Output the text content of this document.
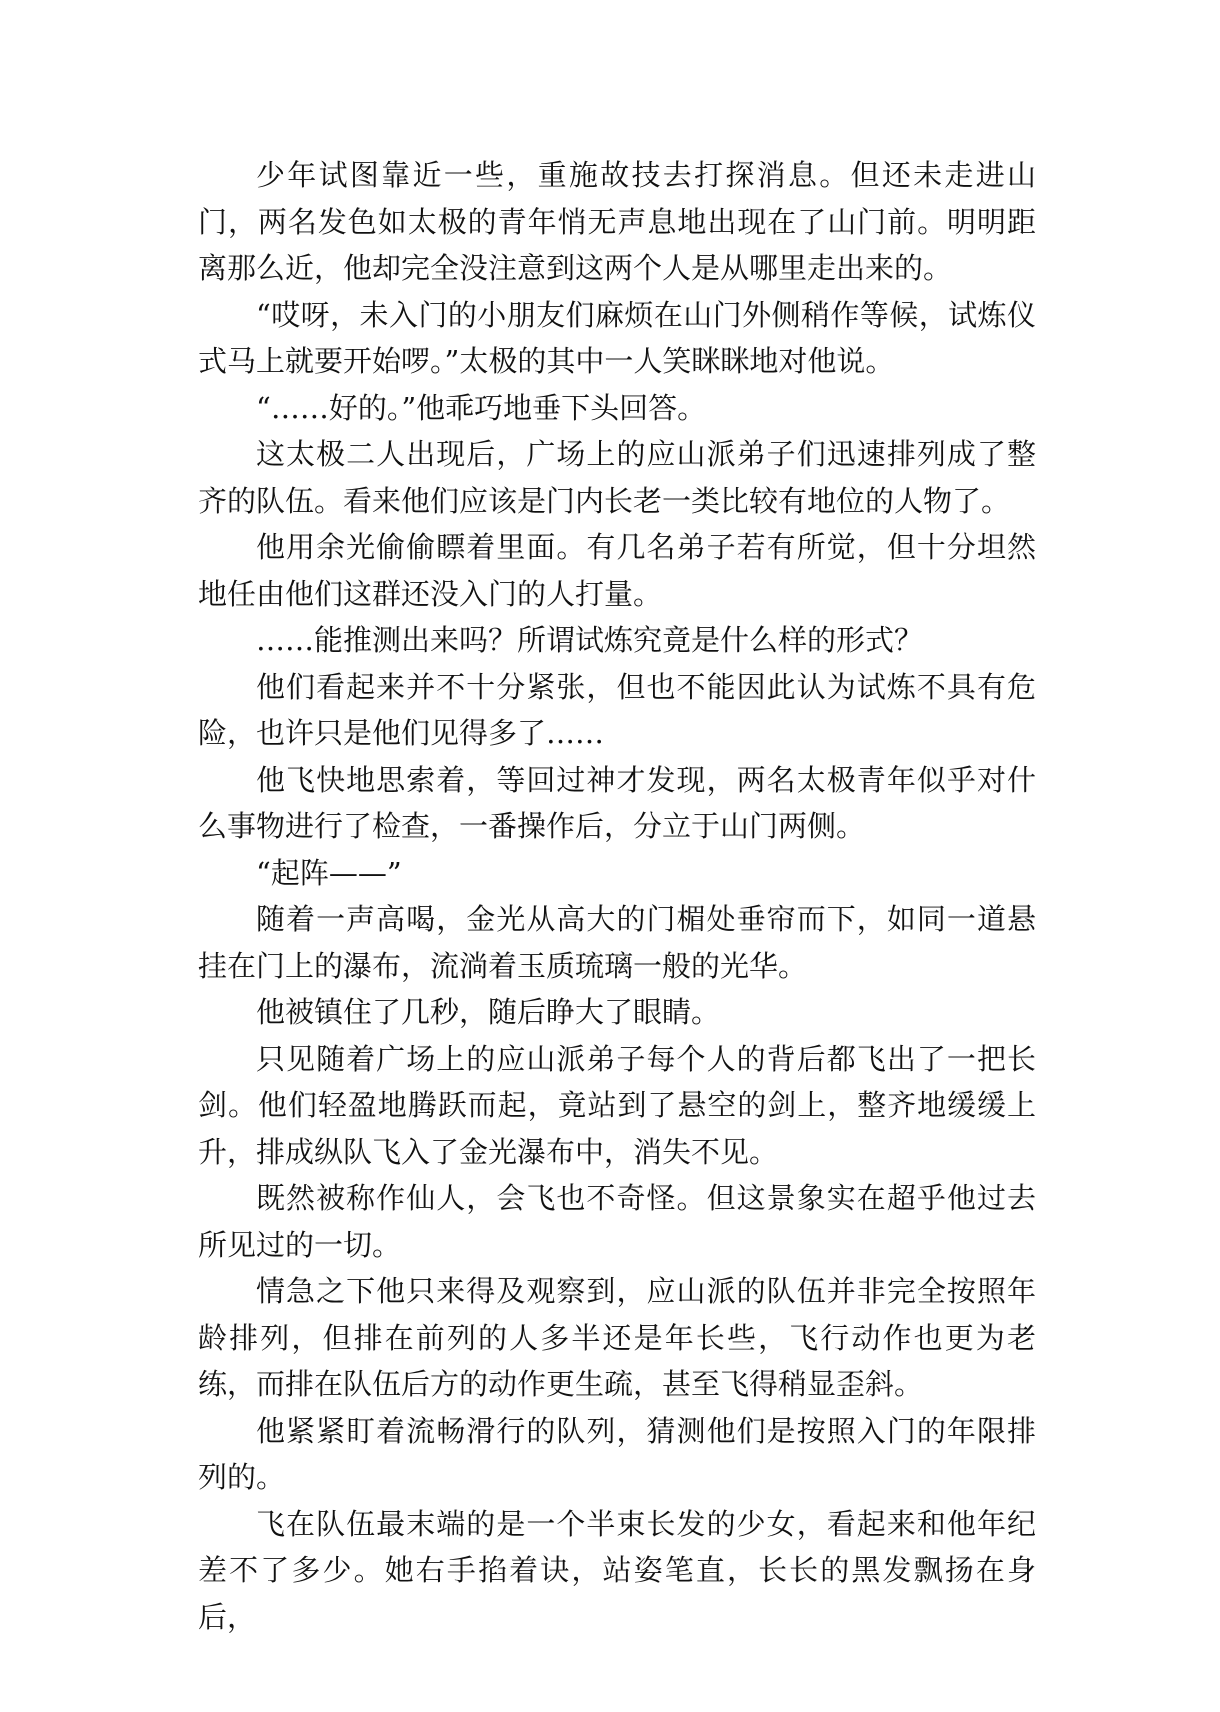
少年试图靠近一些，重施故技去打探消息。但还未走进山门，两名发色如太极的青年悄无声息地出现在了山门前。明明距离那么近，他却完全没注意到这两个人是从哪里走出来的。

“哎呀，未入门的小朋友们麻烦在山门外侧稍作等候，试炼仪式马上就要开始啰。”太极的其中一人笑眯眯地对他说。

“……好的。”他乖巧地垂下头回答。

这太极二人出现后，广场上的应山派弟子们迅速排列成了整齐的队伍。看来他们应该是门内长老一类比较有地位的人物了。

他用余光偷偷瞟着里面。有几名弟子若有所觉，但十分坦然地任由他们这群还没入门的人打量。

……能推测出来吗？所谓试炼究竟是什么样的形式？

他们看起来并不十分紧张，但也不能因此认为试炼不具有危险，也许只是他们见得多了……

他飞快地思索着，等回过神才发现，两名太极青年似乎对什么事物进行了检查，一番操作后，分立于山门两侧。

“起阵——”

随着一声高喝，金光从高大的门楣处垂帘而下，如同一道悬挂在门上的瀑布，流淌着玉质琉璃一般的光华。

他被镇住了几秒，随后睁大了眼睛。

只见随着广场上的应山派弟子每个人的背后都飞出了一把长剑。他们轻盈地腾跃而起，竟站到了悬空的剑上，整齐地缓缓上升，排成纵队飞入了金光瀑布中，消失不见。

既然被称作仙人，会飞也不奇怪。但这景象实在超乎他过去所见过的一切。

情急之下他只来得及观察到，应山派的队伍并非完全按照年龄排列，但排在前列的人多半还是年长些，飞行动作也更为老练，而排在队伍后方的动作更生疏，甚至飞得稍显歪斜。

他紧紧盯着流畅滑行的队列，猜测他们是按照入门的年限排列的。

飞在队伍最末端的是一个半束长发的少女，看起来和他年纪差不了多少。她右手掐着诀，站姿笔直，长长的黑发飘扬在身后，
